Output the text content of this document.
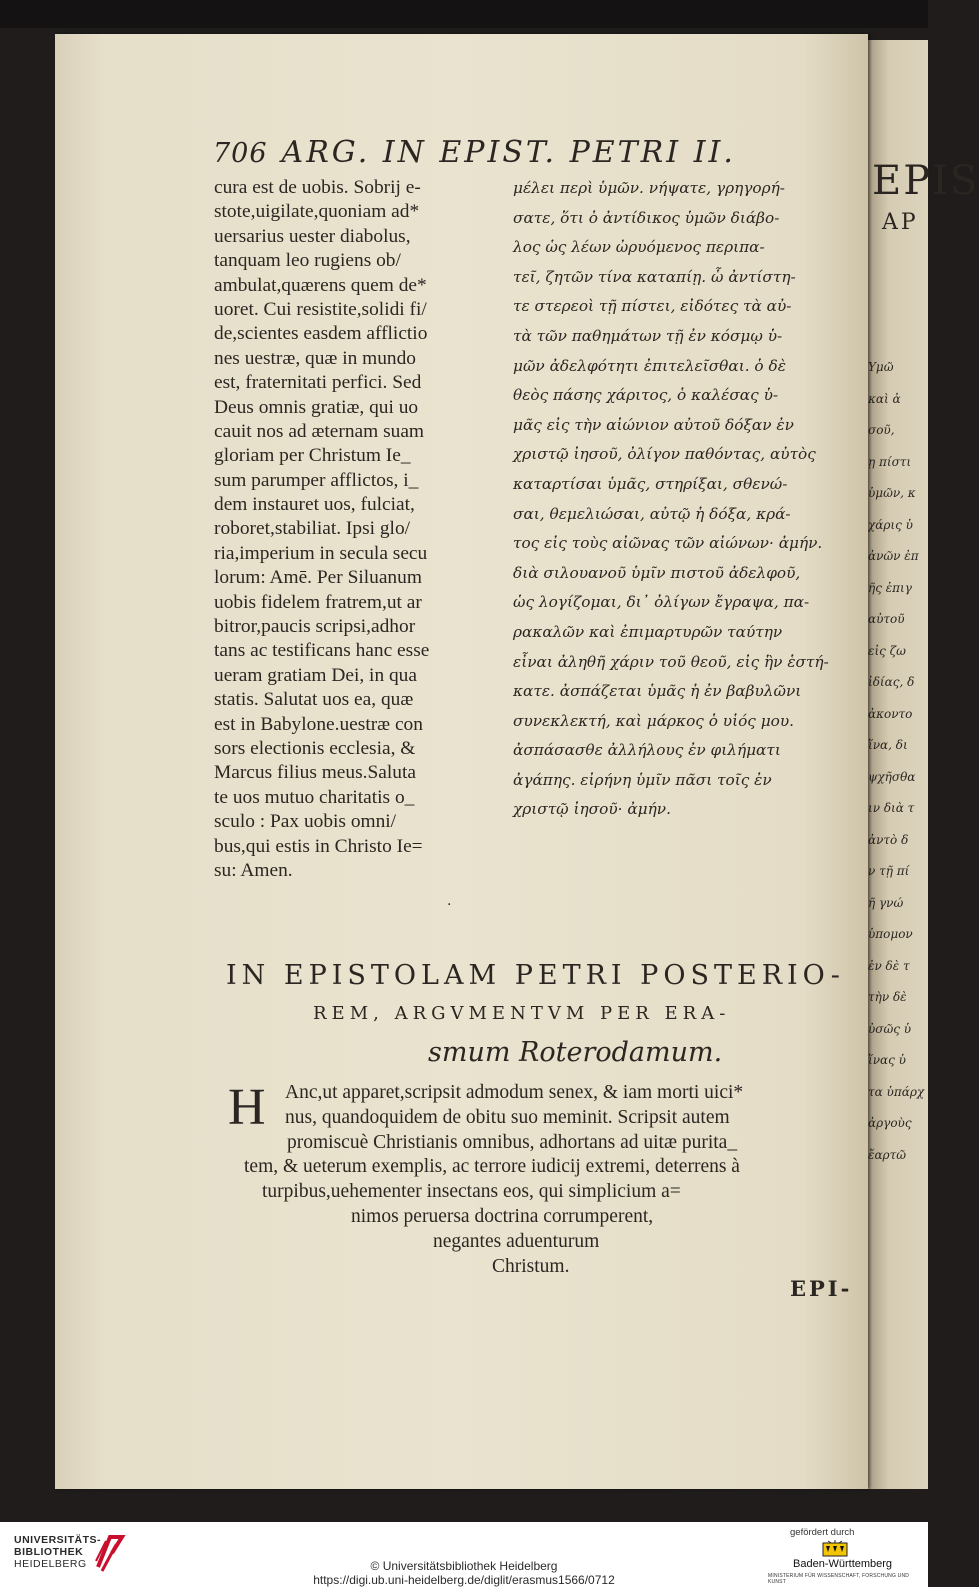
EPIS
AP
Υμῶ
καὶ ἀ
σοῦ,
ῃ πίστι
ὑμῶν, κ
χάρις ὑ
ἀνῶν ἐπ
ῆς ἐπιγ
αὐτοῦ
εἰς ζω
ἰδίας, δ
ἀκοντο
ἵνα, δι
ψχῆσθα
ιν διὰ τ
ἀντὸ δ
ν τῇ πί
ῆ γνώ
ὑπομον
ἐν δὲ τ
τὴν δὲ
ὐσῶς ὑ
ἵνας ὑ
τα ὑπάρχ
ἀργοὺς
ἔαρτῶ
706 ARG. IN EPIST. PETRI II.
cura est de uobis. Sobrij e-
stote,uigilate,quoniam ad*
uersarius uester diabolus,
tanquam leo rugiens ob/
ambulat,quærens quem de*
uoret. Cui resistite,solidi fi/
de,scientes easdem afflictio
nes uestræ, quæ in mundo
est, fraternitati perfici. Sed
Deus omnis gratiæ, qui uo
cauit nos ad æternam suam
gloriam per Christum Ie_
sum parumper afflictos, i_
dem instauret uos, fulciat,
roboret,stabiliat. Ipsi glo/
ria,imperium in secula secu
lorum: Amē. Per Siluanum
uobis fidelem fratrem,ut ar
bitror,paucis scripsi,adhor
tans ac testificans hanc esse
ueram gratiam Dei, in qua
statis. Salutat uos ea, quæ
est in Babylone.uestræ con
sors electionis ecclesia, &
Marcus filius meus.Saluta
te uos mutuo charitatis o_
sculo : Pax uobis omni/
bus,qui estis in Christo Ie=
su: Amen.
μέλει περὶ ὑμῶν. νήψατε, γρηγορή-
σατε, ὅτι ὁ ἀντίδικος ὑμῶν διάβο-
λος ὡς λέων ὠρυόμενος περιπα-
τεῖ, ζητῶν τίνα καταπίῃ. ὧ ἀντίστη-
τε στερεοὶ τῇ πίστει, εἰδότες τὰ αὐ-
τὰ τῶν παθημάτων τῇ ἐν κόσμῳ ὑ-
μῶν ἀδελφότητι ἐπιτελεῖσθαι. ὁ δὲ
θεὸς πάσης χάριτος, ὁ καλέσας ὑ-
μᾶς εἰς τὴν αἰώνιον αὐτοῦ δόξαν ἐν
χριστῷ ἰησοῦ, ὀλίγον παθόντας, αὐτὸς
καταρτίσαι ὑμᾶς, στηρίξαι, σθενώ-
σαι, θεμελιώσαι, αὐτῷ ἡ δόξα, κρά-
τος εἰς τοὺς αἰῶνας τῶν αἰώνων· ἀμήν.
διὰ σιλουανοῦ ὑμῖν πιστοῦ ἀδελφοῦ,
ὡς λογίζομαι, δι᾽ ὀλίγων ἔγραψα, πα-
ρακαλῶν καὶ ἐπιμαρτυρῶν ταύτην
εἶναι ἀληθῆ χάριν τοῦ θεοῦ, εἰς ἣν ἑστή-
κατε. ἀσπάζεται ὑμᾶς ἡ ἐν βαβυλῶνι
συνεκλεκτή, καὶ μάρκος ὁ υἱός μου.
ἀσπάσασθε ἀλλήλους ἐν φιλήματι
ἀγάπης. εἰρήνη ὑμῖν πᾶσι τοῖς ἐν
χριστῷ ἰησοῦ· ἀμήν.
.
IN EPISTOLAM PETRI POSTERIO-
REM, ARGVMENTVM PER ERA-
smum Roterodamum.
H Anc,ut apparet,scripsit admodum senex, & iam morti uici*
nus, quandoquidem de obitu suo meminit. Scripsit autem
promiscuè Christianis omnibus, adhortans ad uitæ purita_
tem, & ueterum exemplis, ac terrore iudicij extremi, deterrens à
turpibus,uehementer insectans eos, qui simplicium a=
nimos peruersa doctrina corrumperent,
negantes aduenturum
Christum.
EPI-
UNIVERSITÄTS-
BIBLIOTHEK
HEIDELBERG	© Universitätsbibliothek Heidelberg
https://digi.ub.uni-heidelberg.de/diglit/erasmus1566/0712
gefördert durch
Baden-Württemberg
MINISTERIUM FÜR WISSENSCHAFT, FORSCHUNG UND KUNST
